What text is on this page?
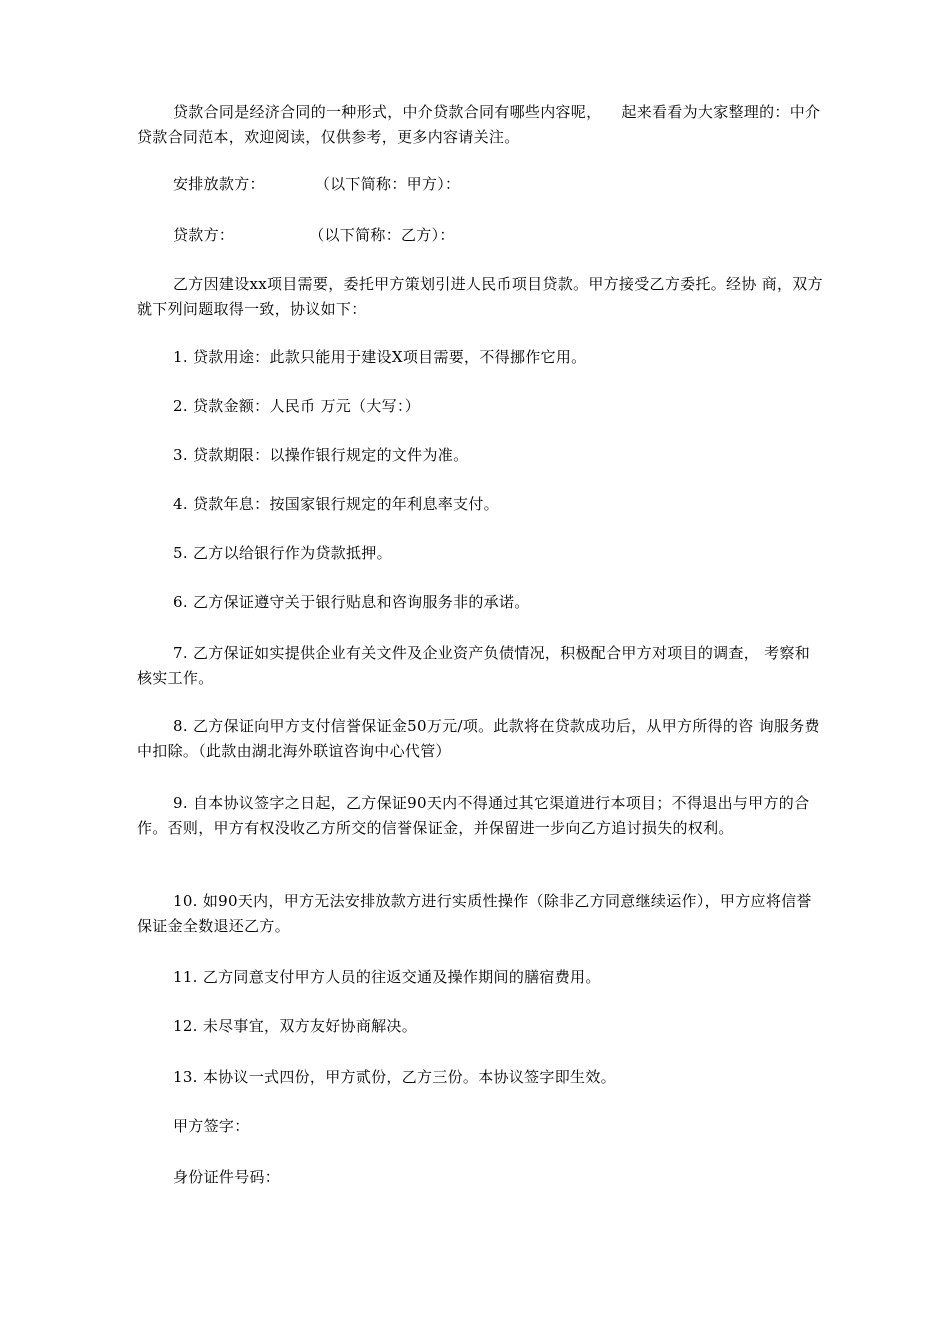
贷款合同是经济合同的一种形式，中介贷款合同有哪些内容呢， 起来看看为大家整理的：中介贷款合同范本，欢迎阅读，仅供参考，更多内容请关注。
安排放款方：	（以下简称：甲方）：
贷款方：	（以下简称：乙方）：
乙方因建设xx项目需要，委托甲方策划引进人民币项目贷款。甲方接受乙方委托。经协 商，双方就下列问题取得一致，协议如下：
1. 贷款用途：此款只能用于建设X项目需要，不得挪作它用。
2. 贷款金额：人民币 万元（大写：）
3. 贷款期限：以操作银行规定的文件为准。
4. 贷款年息：按国家银行规定的年利息率支付。
5. 乙方以给银行作为贷款抵押。
6. 乙方保证遵守关于银行贴息和咨询服务非的承诺。
7. 乙方保证如实提供企业有关文件及企业资产负债情况，积极配合甲方对项目的调查， 考察和核实工作。
8. 乙方保证向甲方支付信誉保证金50万元/项。此款将在贷款成功后，从甲方所得的咨 询服务费中扣除。（此款由湖北海外联谊咨询中心代管）
9. 自本协议签字之日起，乙方保证90天内不得通过其它渠道进行本项目；不得退出与甲方的合作。否则，甲方有权没收乙方所交的信誉保证金，并保留进一步向乙方追讨损失的权利。
10. 如90天内，甲方无法安排放款方进行实质性操作（除非乙方同意继续运作），甲方应将信誉保证金全数退还乙方。
11. 乙方同意支付甲方人员的往返交通及操作期间的膳宿费用。
12. 未尽事宜，双方友好协商解决。
13. 本协议一式四份，甲方贰份，乙方三份。本协议签字即生效。
甲方签字：
身份证件号码：
